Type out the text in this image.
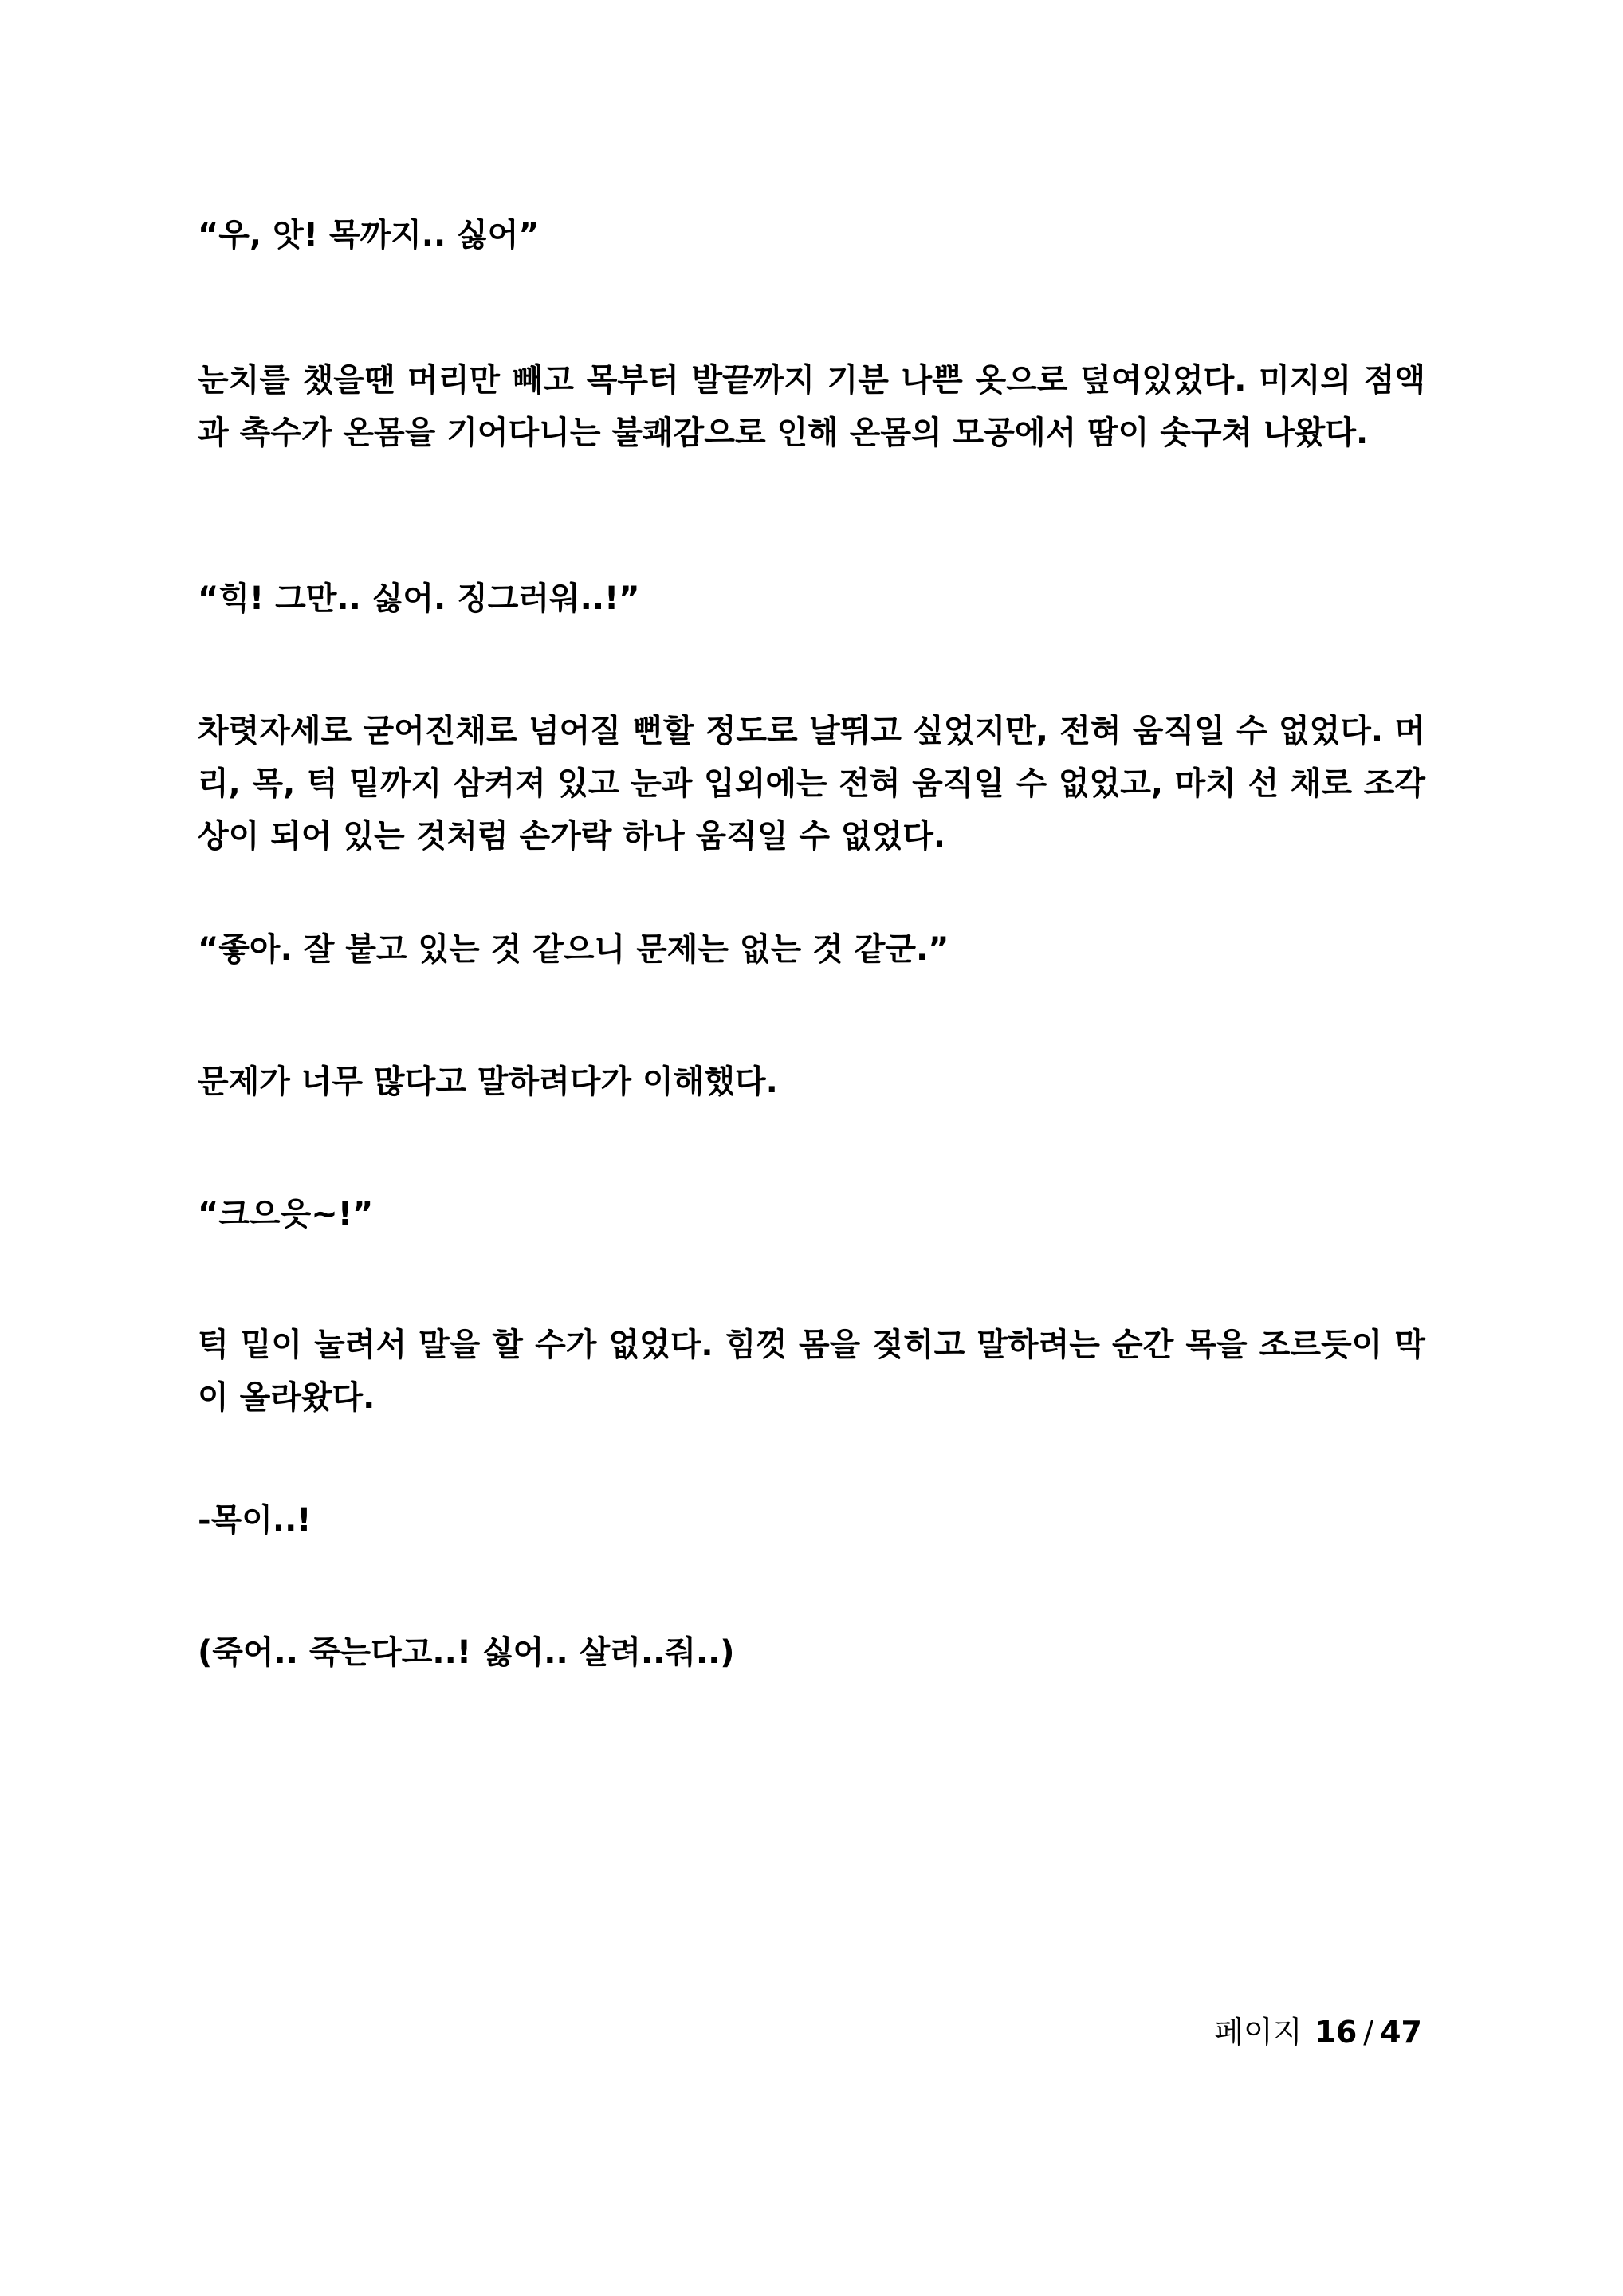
“우, 앗! 목까지.. 싫어”

눈치를 챘을땐 머리만 빼고 목부터 발끝까지 기분 나쁜 옷으로 덮여있었다. 미지의 점액과 촉수가 온몸을 기어다니는 불쾌감으로 인해 온몸의 모공에서 땀이 솟구쳐 나왔다.

“힉! 그만.. 싫어. 징그러워..!”

차렷자세로 굳어진채로 넘어질 뻔할 정도로 날뛰고 싶었지만, 전혀 움직일 수 없었다. 머리, 목, 턱 밑까지 삼켜져 있고 눈과 입외에는 전혀 움직일 수 없었고, 마치 선 채로 조각상이 되어 있는 것처럼 손가락 하나 움직일 수 없었다.

“좋아. 잘 붙고 있는 것 같으니 문제는 없는 것 같군.”

문제가 너무 많다고 말하려다가 이해했다.

“크으읏~!”

턱 밑이 눌려서 말을 할 수가 없었다. 힘껏 몸을 젖히고 말하려는 순간 목을 조르듯이 막이 올라왔다.

-목이..!

(죽어.. 죽는다고..! 싫어.. 살려..줘..)

페이지 16 / 47
